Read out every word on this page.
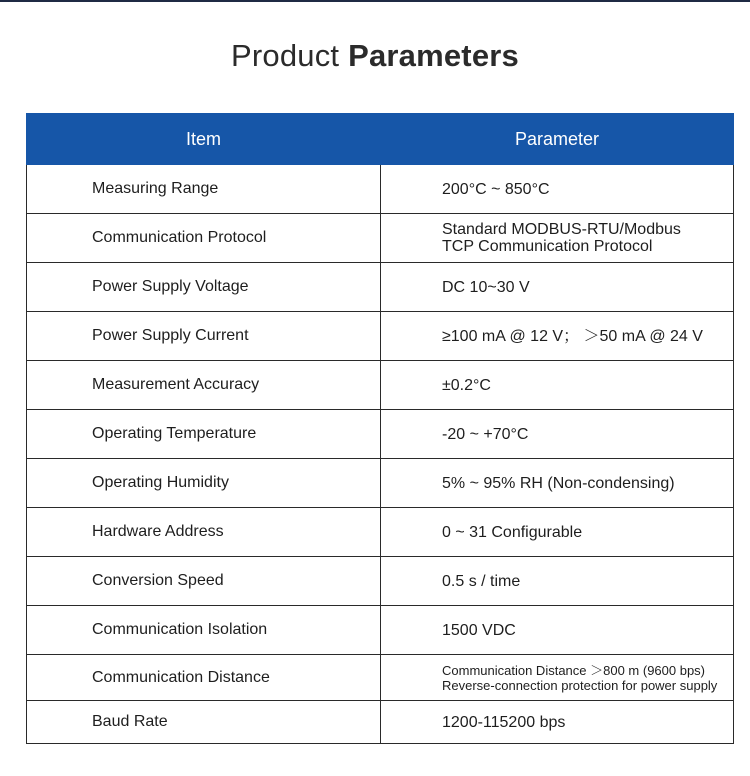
Product Parameters
Item	Parameter
Measuring Range	200°C ~ 850°C
Communication Protocol	Standard MODBUS-RTU/Modbus
TCP Communication Protocol

Power Supply Voltage	DC 10~30 V
Power Supply Current	≥100 mA @ 12 V； ＞50 mA @ 24 V
Measurement Accuracy	±0.2°C
Operating Temperature	-20 ~ +70°C
Operating Humidity	5% ~ 95% RH (Non-condensing)
Hardware Address	0 ~ 31 Configurable
Conversion Speed	0.5 s / time
Communication Isolation	1500 VDC
Communication Distance	Communication Distance ＞800 m (9600 bps)
Reverse-connection protection for power supply

Baud Rate	1200-115200 bps
